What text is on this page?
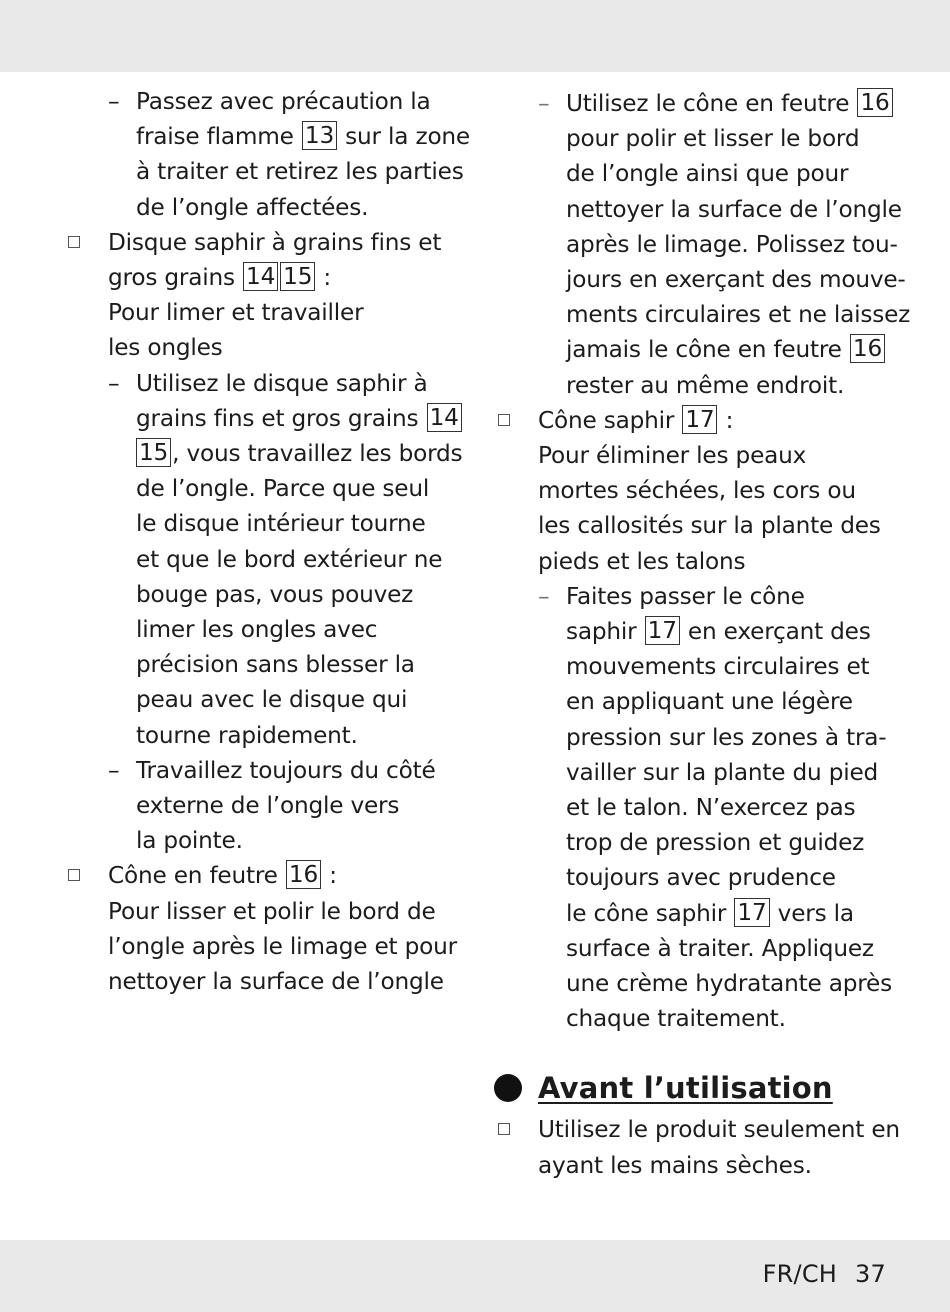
– Passez avec précaution la
fraise flamme 13 sur la zone
à traiter et retirez les parties
de l’ongle affectées.
Disque saphir à grains fins et
gros grains 14 15 :
Pour limer et travailler
les ongles
– Utilisez le disque saphir à
grains fins et gros grains 14
15 , vous travaillez les bords
de l’ongle. Parce que seul
le disque intérieur tourne
et que le bord extérieur ne
bouge pas, vous pouvez
limer les ongles avec
précision sans blesser la
peau avec le disque qui
tourne rapidement.
– Travaillez toujours du côté
externe de l’ongle vers
la pointe.
Cône en feutre 16 :
Pour lisser et polir le bord de
l’ongle après le limage et pour
nettoyer la surface de l’ongle
– Utilisez le cône en feutre 16
pour polir et lisser le bord
de l’ongle ainsi que pour
nettoyer la surface de l’ongle
après le limage. Polissez tou-
jours en exerçant des mouve-
ments circulaires et ne laissez
jamais le cône en feutre 16
rester au même endroit.
Cône saphir 17 :
Pour éliminer les peaux
mortes séchées, les cors ou
les callosités sur la plante des
pieds et les talons
– Faites passer le cône
saphir 17 en exerçant des
mouvements circulaires et
en appliquant une légère
pression sur les zones à tra-
vailler sur la plante du pied
et le talon. N’exercez pas
trop de pression et guidez
toujours avec prudence
le cône saphir 17 vers la
surface à traiter. Appliquez
une crème hydratante après
chaque traitement.
Avant l’utilisation
Utilisez le produit seulement en
ayant les mains sèches.
FR/CH 37
